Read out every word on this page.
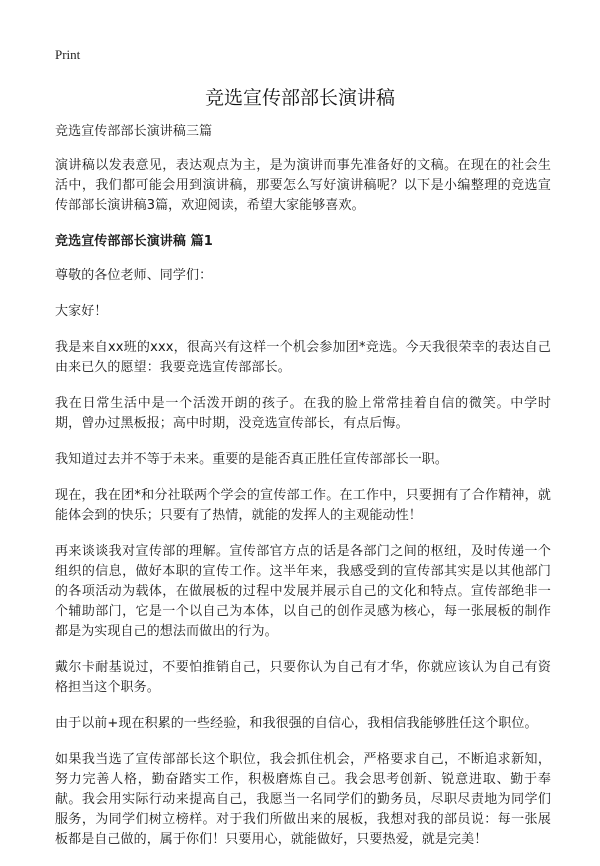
Print
竞选宣传部部长演讲稿

竞选宣传部部长演讲稿三篇

演讲稿以发表意见，表达观点为主，是为演讲而事先准备好的文稿。在现在的社会生活中，我们都可能会用到演讲稿，那要怎么写好演讲稿呢？以下是小编整理的竞选宣传部部长演讲稿3篇，欢迎阅读，希望大家能够喜欢。

竞选宣传部部长演讲稿 篇1

尊敬的各位老师、同学们：

大家好！

我是来自xx班的xxx，很高兴有这样一个机会参加团*竞选。今天我很荣幸的表达自己由来已久的愿望：我要竞选宣传部部长。

我在日常生活中是一个活泼开朗的孩子。在我的脸上常常挂着自信的微笑。中学时期，曾办过黑板报；高中时期，没竞选宣传部长，有点后悔。

我知道过去并不等于未来。重要的是能否真正胜任宣传部部长一职。

现在，我在团*和分社联两个学会的宣传部工作。在工作中，只要拥有了合作精神，就能体会到的快乐；只要有了热情，就能的发挥人的主观能动性！

再来谈谈我对宣传部的理解。宣传部官方点的话是各部门之间的枢纽，及时传递一个组织的信息，做好本职的宣传工作。这半年来，我感受到的宣传部其实是以其他部门的各项活动为载体，在做展板的过程中发展并展示自己的文化和特点。宣传部绝非一个辅助部门，它是一个以自己为本体，以自己的创作灵感为核心，每一张展板的制作都是为实现自己的想法而做出的行为。

戴尔卡耐基说过，不要怕推销自己，只要你认为自己有才华，你就应该认为自己有资格担当这个职务。

由于以前+现在积累的一些经验，和我很强的自信心，我相信我能够胜任这个职位。

如果我当选了宣传部部长这个职位，我会抓住机会，严格要求自己，不断追求新知，努力完善人格，勤奋踏实工作，积极磨炼自己。我会思考创新、锐意进取、勤于奉献。我会用实际行动来提高自己，我愿当一名同学们的勤务员，尽职尽责地为同学们服务，为同学们树立榜样。对于我们所做出来的展板，我想对我的部员说：每一张展板都是自己做的，属于你们！只要用心，就能做好，只要热爱，就是完美！
